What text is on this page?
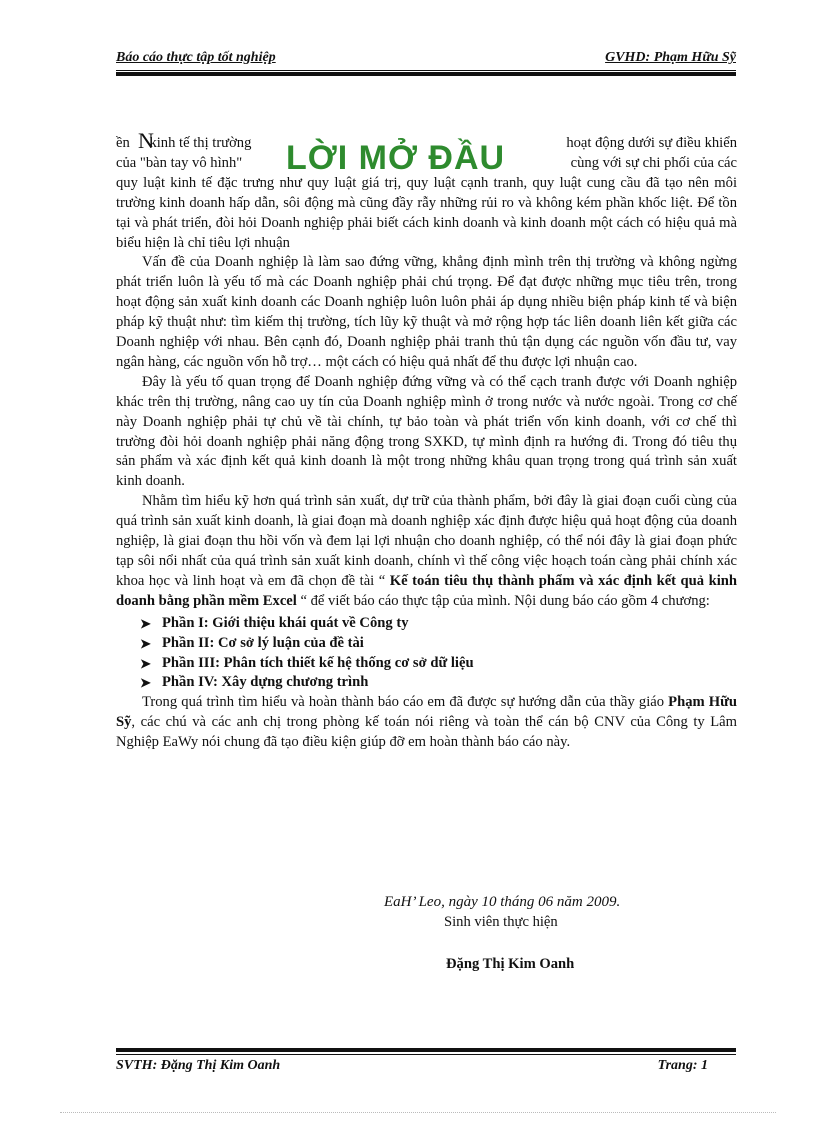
Báo cáo thực tập tốt nghiệp	GVHD: Phạm Hữu Sỹ
LỜI MỞ ĐẦU
ền N
kinh tế thị trường	hoạt động dưới sự điều khiển
của "bàn tay vô hình"	cùng với sự chi phối của các

quy luật kinh tế đặc trưng như quy luật giá trị, quy luật cạnh tranh, quy luật cung cầu đã tạo nên môi trường kinh doanh hấp dẫn, sôi động mà cũng đầy rẫy những rủi ro và không kém phần khốc liệt. Để tồn tại và phát triển, đòi hỏi Doanh nghiệp phải biết cách kinh doanh và kinh doanh một cách có hiệu quả mà biểu hiện là chỉ tiêu lợi nhuận

Vấn đề của Doanh nghiệp là làm sao đứng vững, khẳng định mình trên thị trường và không ngừng phát triển luôn là yếu tố mà các Doanh nghiệp phải chú trọng. Để đạt được những mục tiêu trên, trong hoạt động sản xuất kinh doanh các Doanh nghiệp luôn luôn phải áp dụng nhiều biện pháp kinh tế và biện pháp kỹ thuật như: tìm kiếm thị trường, tích lũy kỹ thuật và mở rộng hợp tác liên doanh liên kết giữa các Doanh nghiệp với nhau. Bên cạnh đó, Doanh nghiệp phải tranh thủ tận dụng các nguồn vốn đầu tư, vay ngân hàng, các nguồn vốn hỗ trợ… một cách có hiệu quả nhất để thu được lợi nhuận cao.

Đây là yếu tố quan trọng để Doanh nghiệp đứng vững và có thể cạch tranh được với Doanh nghiệp khác trên thị trường, nâng cao uy tín của Doanh nghiệp mình ở trong nước và nước ngoài. Trong cơ chế này Doanh nghiệp phải tự chủ về tài chính, tự bảo toàn và phát triển vốn kinh doanh, với cơ chế thì trường đòi hỏi doanh nghiệp phải năng động trong SXKD, tự mình định ra hướng đi. Trong đó tiêu thụ sản phẩm và xác định kết quả kinh doanh là một trong những khâu quan trọng trong quá trình sản xuất kinh doanh.

Nhằm tìm hiểu kỹ hơn quá trình sản xuất, dự trữ của thành phẩm, bởi đây là giai đoạn cuối cùng của quá trình sản xuất kinh doanh, là giai đoạn mà doanh nghiệp xác định được hiệu quả hoạt động của doanh nghiệp, là giai đoạn thu hồi vốn và đem lại lợi nhuận cho doanh nghiệp, có thể nói đây là giai đoạn phức tạp sôi nổi nhất của quá trình sản xuất kinh doanh, chính vì thế công việc hoạch toán càng phải chính xác khoa học và linh hoạt và em đã chọn đề tài “ Kế toán tiêu thụ thành phẩm và xác định kết quả kinh doanh bằng phần mềm Excel “ để viết báo cáo thực tập của mình. Nội dung báo cáo gồm 4 chương:

➤ Phần I: Giới thiệu khái quát về Công ty
➤ Phần II: Cơ sở lý luận của đề tài
➤ Phần III: Phân tích thiết kế hệ thống cơ sở dữ liệu
➤ Phần IV: Xây dựng chương trình

Trong quá trình tìm hiểu và hoàn thành báo cáo em đã được sự hướng dẫn của thầy giáo Phạm Hữu Sỹ, các chú và các anh chị trong phòng kế toán nói riêng và toàn thể cán bộ CNV của Công ty Lâm Nghiệp EaWy nói chung đã tạo điều kiện giúp đỡ em hoàn thành báo cáo này.

EaH’ Leo, ngày 10 tháng 06 năm 2009.
Sinh viên thực hiện
Đặng Thị Kim Oanh
SVTH: Đặng Thị Kim Oanh	Trang: 1
